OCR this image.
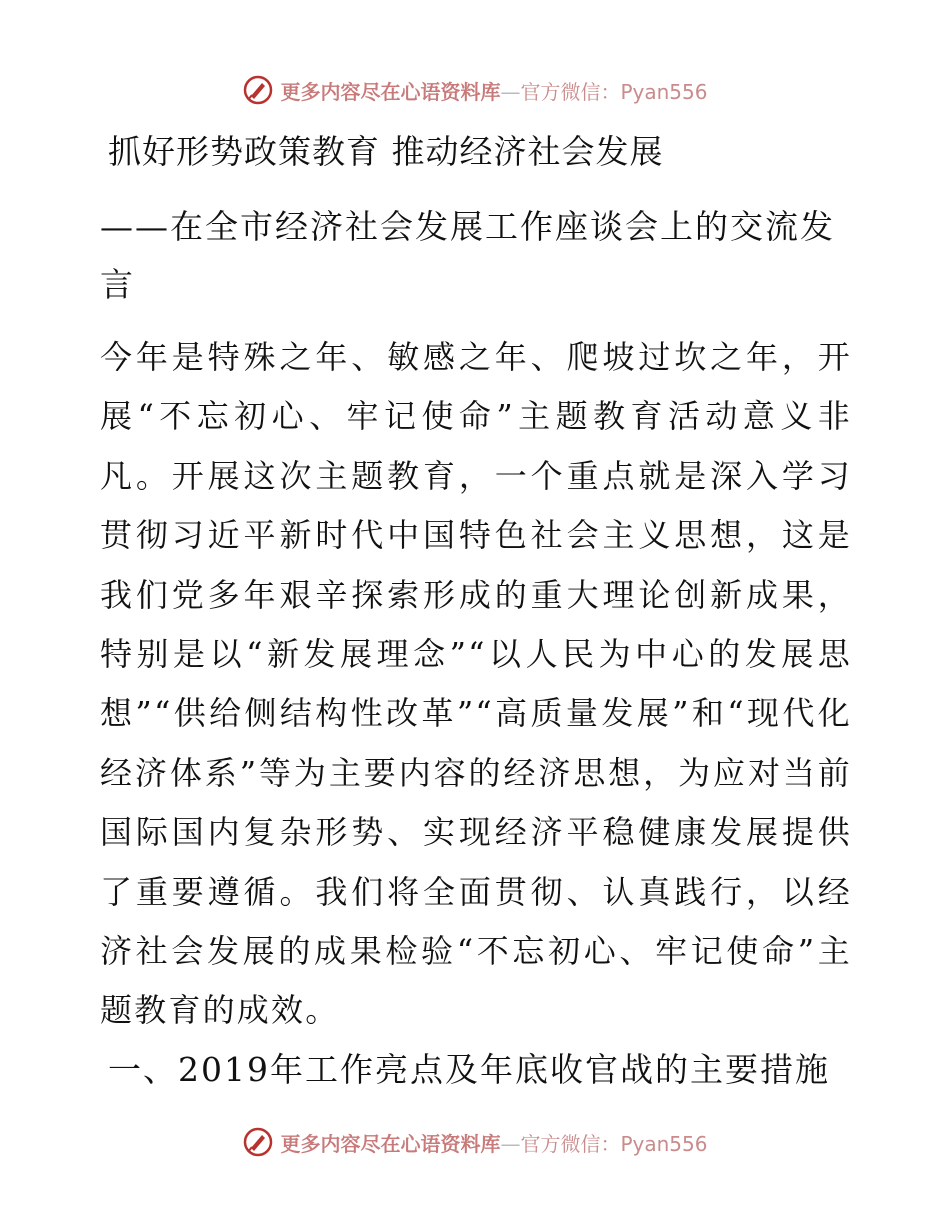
更多内容尽在心语资料库—官方微信：Pyan556
抓好形势政策教育 推动经济社会发展
——在全市经济社会发展工作座谈会上的交流发言
今年是特殊之年、敏感之年、爬坡过坎之年，开展“不忘初心、牢记使命”主题教育活动意义非凡。开展这次主题教育，一个重点就是深入学习贯彻习近平新时代中国特色社会主义思想，这是我们党多年艰辛探索形成的重大理论创新成果，特别是以“新发展理念”“以人民为中心的发展思想”“供给侧结构性改革”“高质量发展”和“现代化经济体系”等为主要内容的经济思想，为应对当前国际国内复杂形势、实现经济平稳健康发展提供了重要遵循。我们将全面贯彻、认真践行，以经济社会发展的成果检验“不忘初心、牢记使命”主题教育的成效。
一、2019年工作亮点及年底收官战的主要措施
更多内容尽在心语资料库—官方微信：Pyan556
